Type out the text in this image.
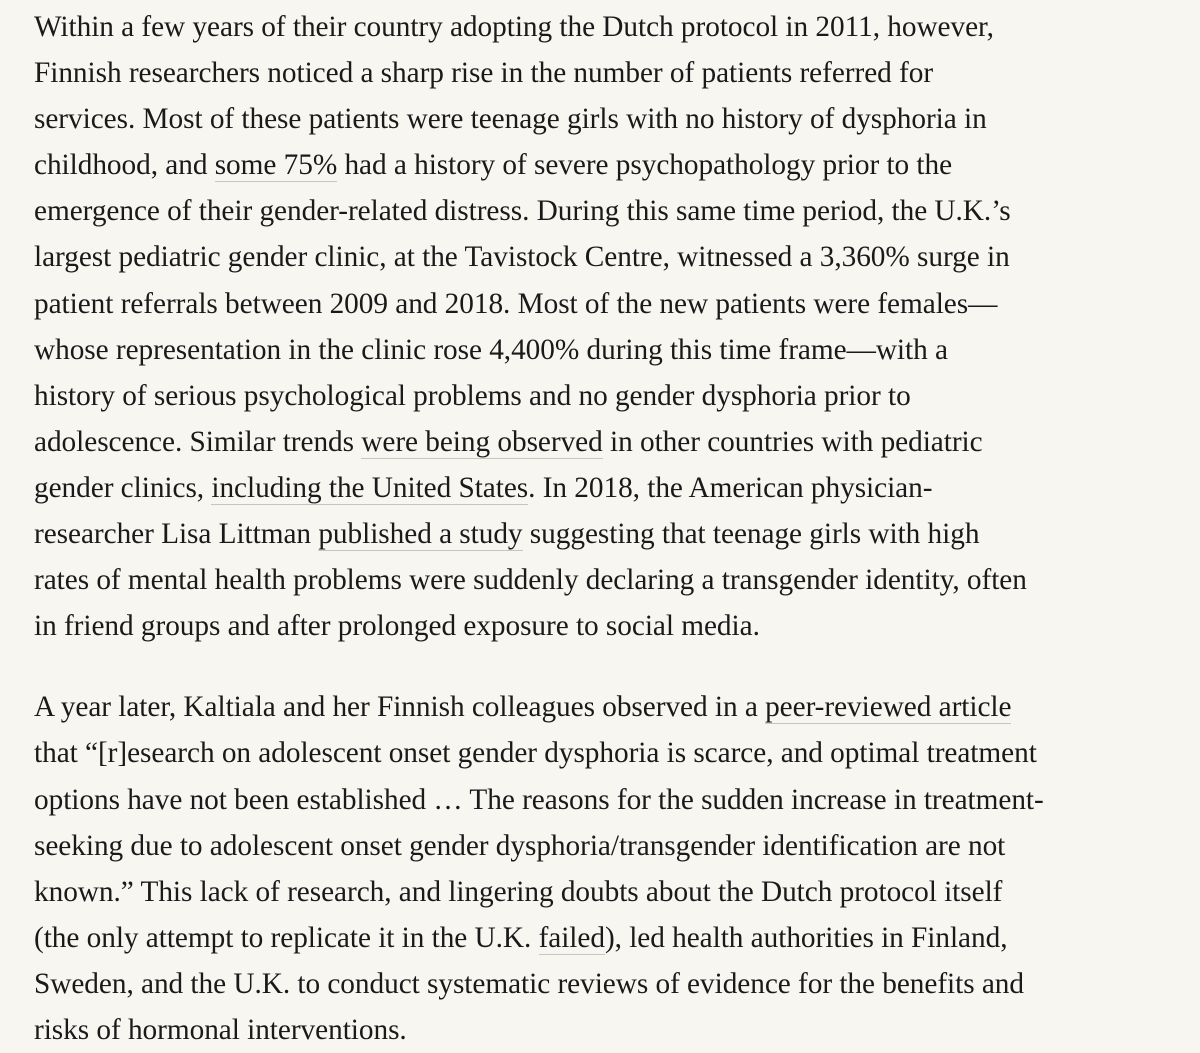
Within a few years of their country adopting the Dutch protocol in 2011, however,
Finnish researchers noticed a sharp rise in the number of patients referred for
services. Most of these patients were teenage girls with no history of dysphoria in
childhood, and some 75% had a history of severe psychopathology prior to the
emergence of their gender-related distress. During this same time period, the U.K.’s
largest pediatric gender clinic, at the Tavistock Centre, witnessed a 3,360% surge in
patient referrals between 2009 and 2018. Most of the new patients were females—
whose representation in the clinic rose 4,400% during this time frame—with a
history of serious psychological problems and no gender dysphoria prior to
adolescence. Similar trends were being observed in other countries with pediatric
gender clinics, including the United States. In 2018, the American physician-
researcher Lisa Littman published a study suggesting that teenage girls with high
rates of mental health problems were suddenly declaring a transgender identity, often
in friend groups and after prolonged exposure to social media.

A year later, Kaltiala and her Finnish colleagues observed in a peer-reviewed article
that “[r]esearch on adolescent onset gender dysphoria is scarce, and optimal treatment
options have not been established … The reasons for the sudden increase in treatment-
seeking due to adolescent onset gender dysphoria/transgender identification are not
known.” This lack of research, and lingering doubts about the Dutch protocol itself
(the only attempt to replicate it in the U.K. failed), led health authorities in Finland,
Sweden, and the U.K. to conduct systematic reviews of evidence for the benefits and
risks of hormonal interventions.
